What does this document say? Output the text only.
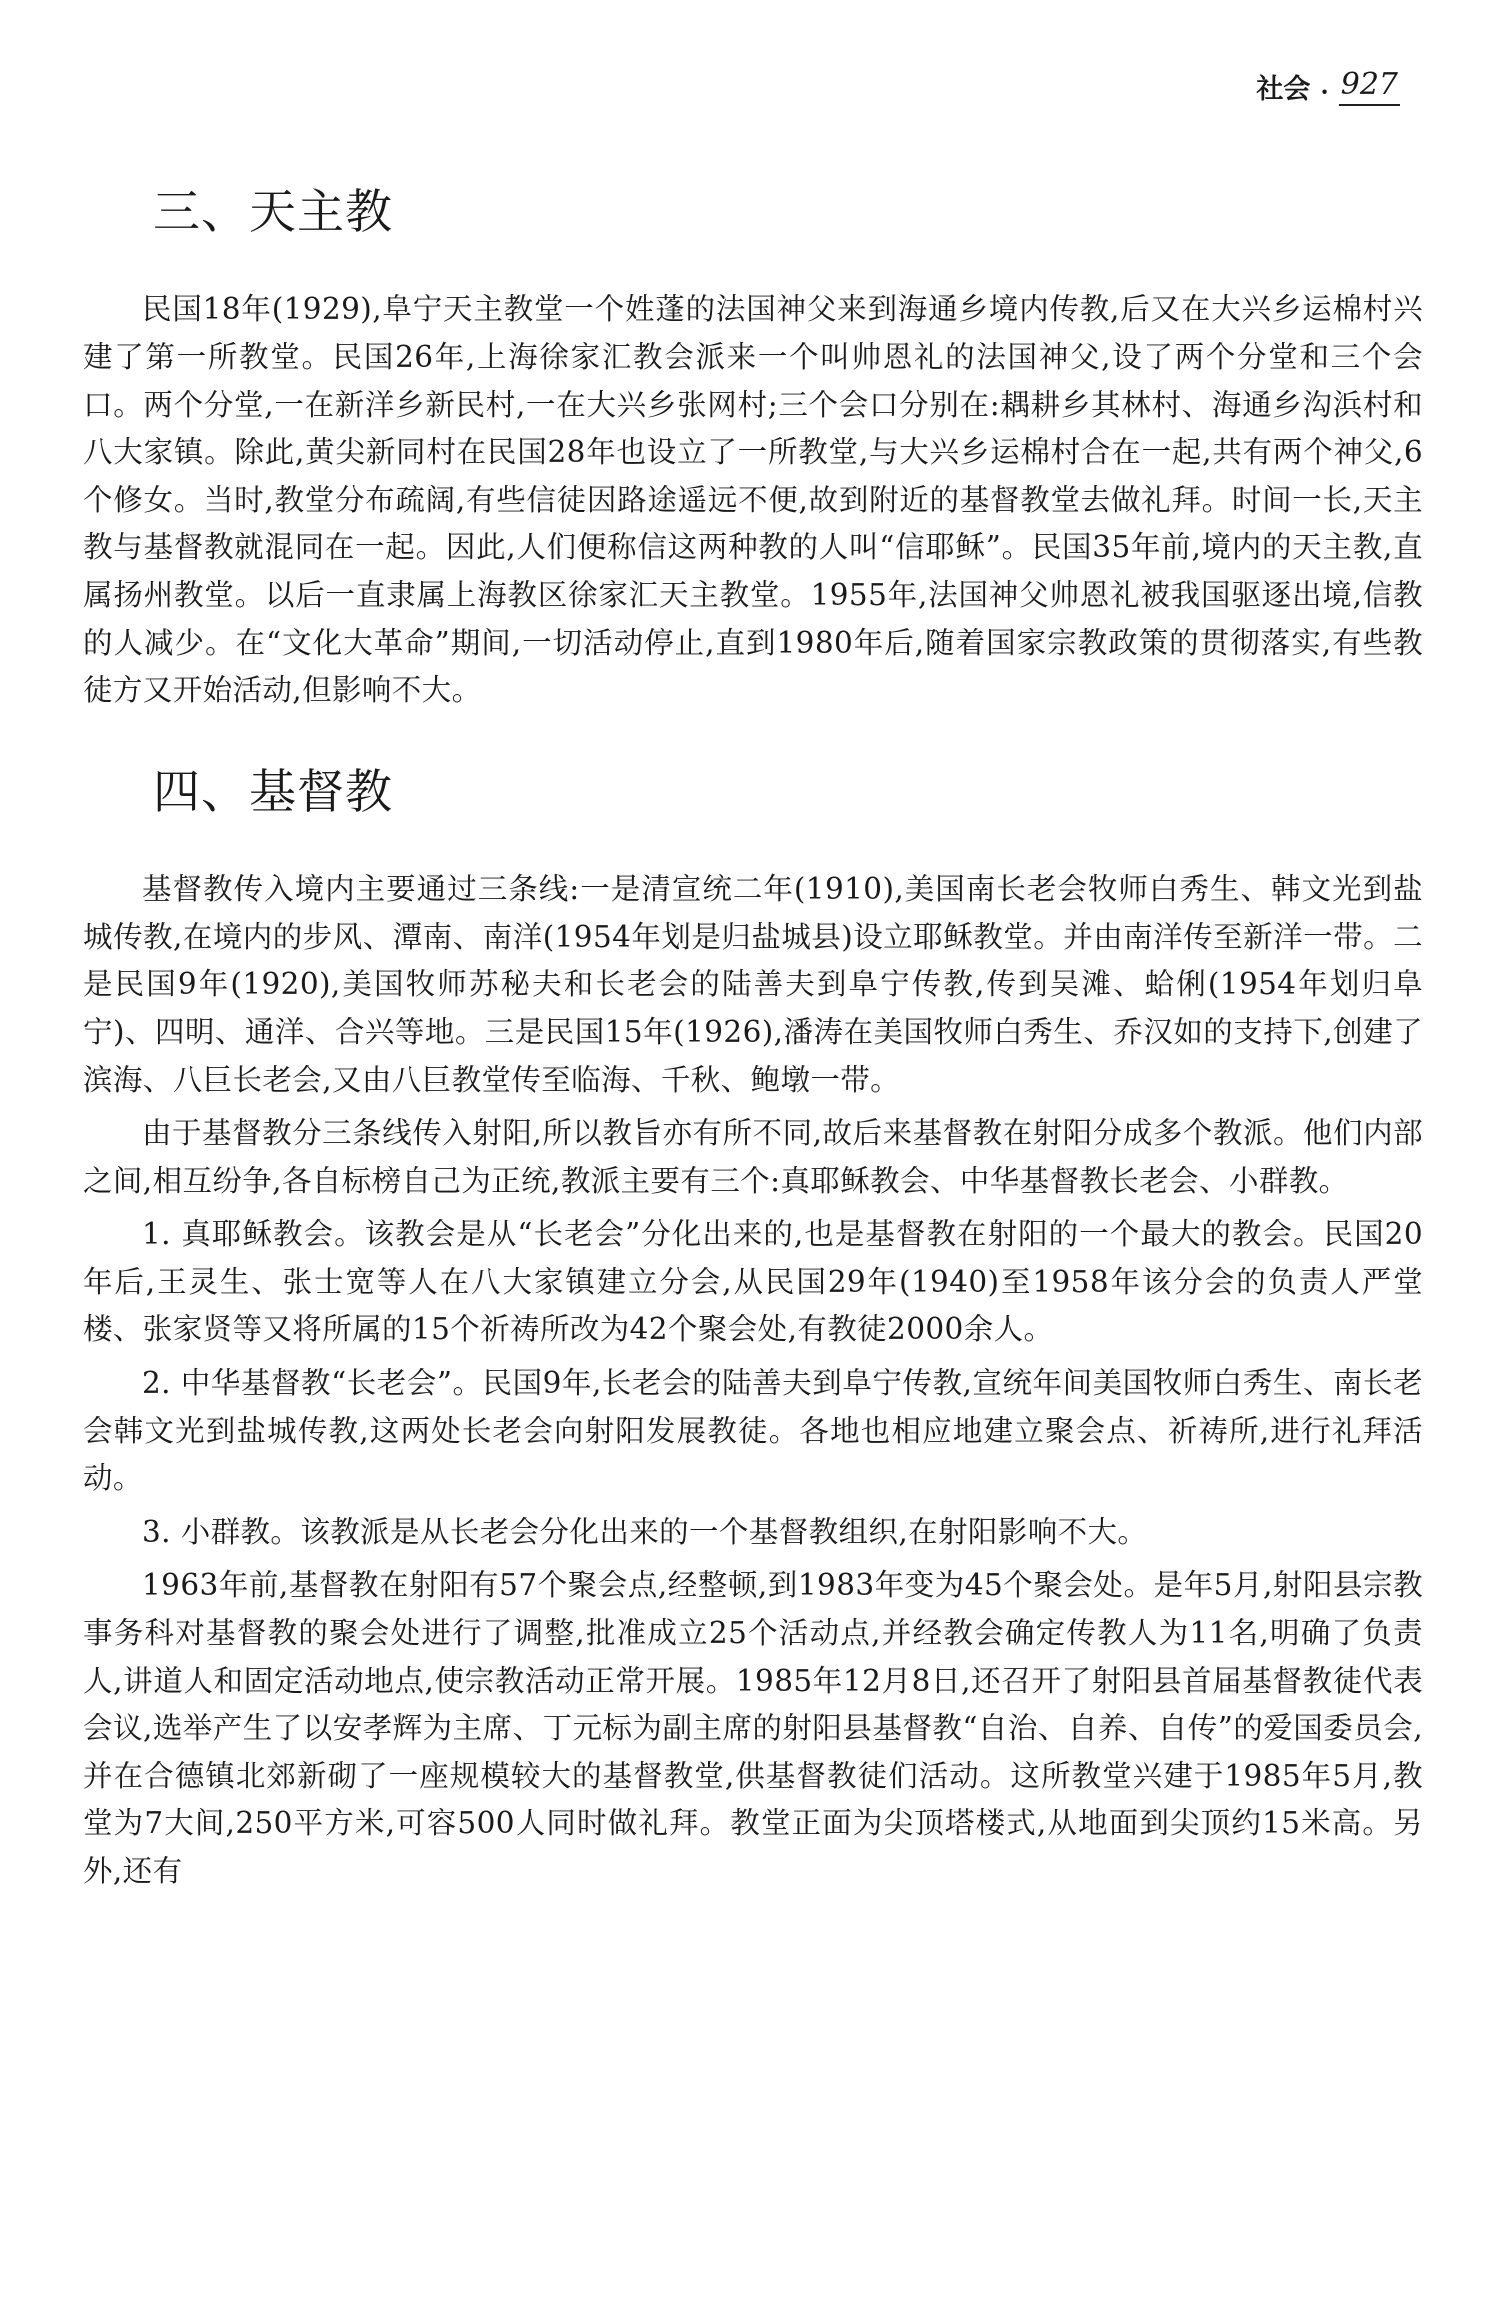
社会 · 927
三、天主教

民国18年(1929),阜宁天主教堂一个姓蓬的法国神父来到海通乡境内传教,后又在大兴乡运棉村兴建了第一所教堂。民国26年,上海徐家汇教会派来一个叫帅恩礼的法国神父,设了两个分堂和三个会口。两个分堂,一在新洋乡新民村,一在大兴乡张网村;三个会口分别在:耦耕乡其林村、海通乡沟浜村和八大家镇。除此,黄尖新同村在民国28年也设立了一所教堂,与大兴乡运棉村合在一起,共有两个神父,6个修女。当时,教堂分布疏阔,有些信徒因路途遥远不便,故到附近的基督教堂去做礼拜。时间一长,天主教与基督教就混同在一起。因此,人们便称信这两种教的人叫“信耶稣”。民国35年前,境内的天主教,直属扬州教堂。以后一直隶属上海教区徐家汇天主教堂。1955年,法国神父帅恩礼被我国驱逐出境,信教的人减少。在“文化大革命”期间,一切活动停止,直到1980年后,随着国家宗教政策的贯彻落实,有些教徒方又开始活动,但影响不大。

四、基督教

基督教传入境内主要通过三条线:一是清宣统二年(1910),美国南长老会牧师白秀生、韩文光到盐城传教,在境内的步风、潭南、南洋(1954年划是归盐城县)设立耶稣教堂。并由南洋传至新洋一带。二是民国9年(1920),美国牧师苏秘夫和长老会的陆善夫到阜宁传教,传到吴滩、蛤俐(1954年划归阜宁)、四明、通洋、合兴等地。三是民国15年(1926),潘涛在美国牧师白秀生、乔汉如的支持下,创建了滨海、八巨长老会,又由八巨教堂传至临海、千秋、鲍墩一带。

由于基督教分三条线传入射阳,所以教旨亦有所不同,故后来基督教在射阳分成多个教派。他们内部之间,相互纷争,各自标榜自己为正统,教派主要有三个:真耶稣教会、中华基督教长老会、小群教。

1. 真耶稣教会。该教会是从“长老会”分化出来的,也是基督教在射阳的一个最大的教会。民国20年后,王灵生、张士宽等人在八大家镇建立分会,从民国29年(1940)至1958年该分会的负责人严堂楼、张家贤等又将所属的15个祈祷所改为42个聚会处,有教徒2000余人。

2. 中华基督教“长老会”。民国9年,长老会的陆善夫到阜宁传教,宣统年间美国牧师白秀生、南长老会韩文光到盐城传教,这两处长老会向射阳发展教徒。各地也相应地建立聚会点、祈祷所,进行礼拜活动。

3. 小群教。该教派是从长老会分化出来的一个基督教组织,在射阳影响不大。

1963年前,基督教在射阳有57个聚会点,经整顿,到1983年变为45个聚会处。是年5月,射阳县宗教事务科对基督教的聚会处进行了调整,批准成立25个活动点,并经教会确定传教人为11名,明确了负责人,讲道人和固定活动地点,使宗教活动正常开展。1985年12月8日,还召开了射阳县首届基督教徒代表会议,选举产生了以安孝辉为主席、丁元标为副主席的射阳县基督教“自治、自养、自传”的爱国委员会,并在合德镇北郊新砌了一座规模较大的基督教堂,供基督教徒们活动。这所教堂兴建于1985年5月,教堂为7大间,250平方米,可容500人同时做礼拜。教堂正面为尖顶塔楼式,从地面到尖顶约15米高。另外,还有
